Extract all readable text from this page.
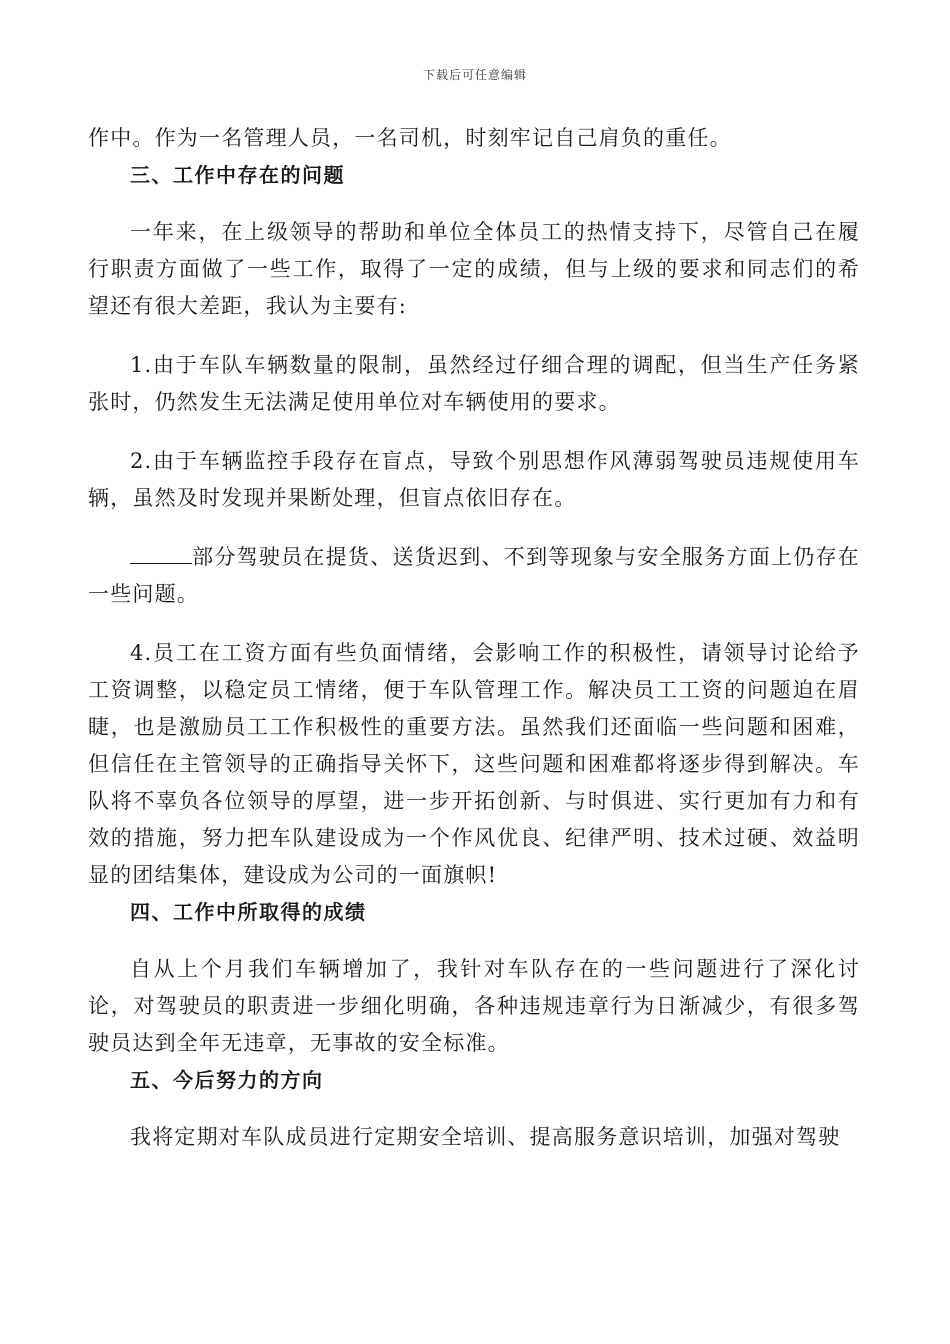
下载后可任意编辑

作中。作为一名管理人员，一名司机，时刻牢记自己肩负的重任。

三、工作中存在的问题

一年来，在上级领导的帮助和单位全体员工的热情支持下，尽管自己在履行职责方面做了一些工作，取得了一定的成绩，但与上级的要求和同志们的希望还有很大差距，我认为主要有:

1.由于车队车辆数量的限制，虽然经过仔细合理的调配，但当生产任务紧张时，仍然发生无法满足使用单位对车辆使用的要求。

2.由于车辆监控手段存在盲点，导致个别思想作风薄弱驾驶员违规使用车辆，虽然及时发现并果断处理，但盲点依旧存在。

部分驾驶员在提货、送货迟到、不到等现象与安全服务方面上仍存在一些问题。

4.员工在工资方面有些负面情绪，会影响工作的积极性，请领导讨论给予工资调整，以稳定员工情绪，便于车队管理工作。解决员工工资的问题迫在眉睫，也是激励员工工作积极性的重要方法。虽然我们还面临一些问题和困难，但信任在主管领导的正确指导关怀下，这些问题和困难都将逐步得到解决。车队将不辜负各位领导的厚望，进一步开拓创新、与时俱进、实行更加有力和有效的措施，努力把车队建设成为一个作风优良、纪律严明、技术过硬、效益明显的团结集体，建设成为公司的一面旗帜!

四、工作中所取得的成绩

自从上个月我们车辆增加了，我针对车队存在的一些问题进行了深化讨论，对驾驶员的职责进一步细化明确，各种违规违章行为日渐减少，有很多驾驶员达到全年无违章，无事故的安全标准。

五、今后努力的方向

我将定期对车队成员进行定期安全培训、提高服务意识培训，加强对驾驶
